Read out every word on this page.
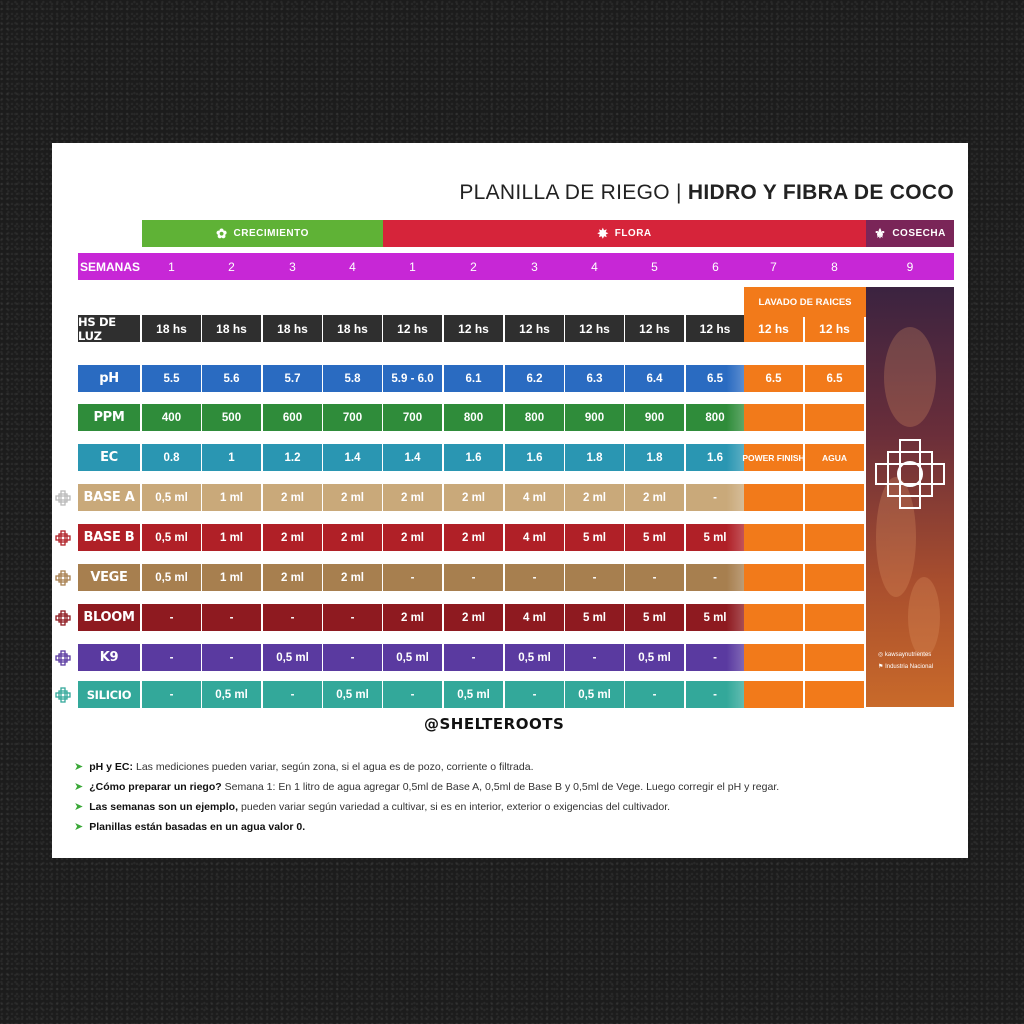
PLANILLA DE RIEGO | HIDRO Y FIBRA DE COCO
✿ CRECIMIENTO	✸ FLORA	⚜ COSECHA
SEMANAS	1	2	3	4	1	2	3	4	5	6	7	8	9
LAVADO DE RAICES
◎ kawsaynutrientes
⚑ Industria Nacional
HS DE LUZ	18 hs	18 hs	18 hs	18 hs	12 hs	12 hs	12 hs	12 hs	12 hs	12 hs	12 hs	12 hs
pH	5.5	5.6	5.7	5.8	5.9 - 6.0	6.1	6.2	6.3	6.4	6.5	6.5	6.5
PPM	400	500	600	700	700	800	800	900	900	800
EC	0.8	1	1.2	1.4	1.4	1.6	1.6	1.8	1.8	1.6	POWER FINISH	AGUA
BASE A	0,5 ml	1 ml	2 ml	2 ml	2 ml	2 ml	4 ml	2 ml	2 ml	-
BASE B	0,5 ml	1 ml	2 ml	2 ml	2 ml	2 ml	4 ml	5 ml	5 ml	5 ml
VEGE	0,5 ml	1 ml	2 ml	2 ml	-	-	-	-	-	-
BLOOM	-	-	-	-	2 ml	2 ml	4 ml	5 ml	5 ml	5 ml
K9	-	-	0,5 ml	-	0,5 ml	-	0,5 ml	-	0,5 ml	-
SILICIO	-	0,5 ml	-	0,5 ml	-	0,5 ml	-	0,5 ml	-	-
@SHELTEROOTS
➤ pH y EC: Las mediciones pueden variar, según zona, si el agua es de pozo, corriente o filtrada.
➤ ¿Cómo preparar un riego? Semana 1: En 1 litro de agua agregar 0,5ml de Base A, 0,5ml de Base B y 0,5ml de Vege. Luego corregir el pH y regar.
➤ Las semanas son un ejemplo, pueden variar según variedad a cultivar, si es en interior, exterior o exigencias del cultivador.
➤ Planillas están basadas en un agua valor 0.
